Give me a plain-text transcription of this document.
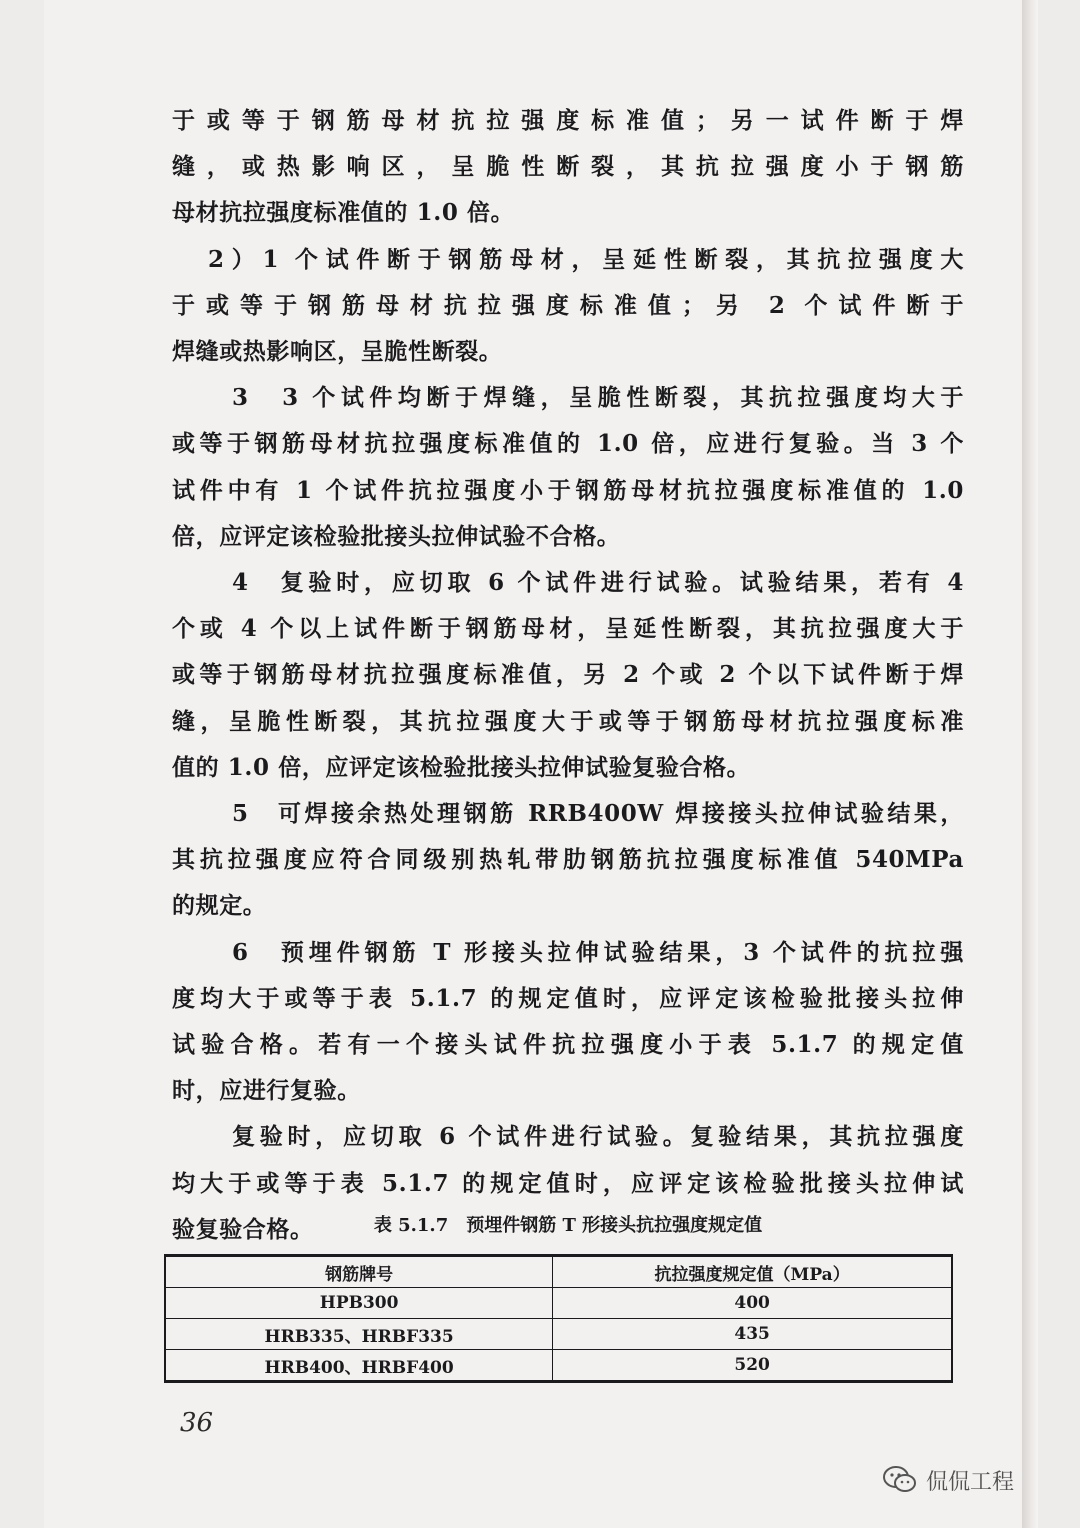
表 5.1.7　预埋件钢筋 T 形接头抗拉强度规定值
钢筋牌号	抗拉强度规定值（MPa）
HPB300	400
HRB335、HRBF335	435
HRB400、HRBF400	520
36
侃侃工程
于或等于钢筋母材抗拉强度标准值；另一试件断于焊
缝，或热影响区，呈脆性断裂，其抗拉强度小于钢筋
母材抗拉强度标准值的 1.0 倍。
2）1 个试件断于钢筋母材，呈延性断裂，其抗拉强度大
于或等于钢筋母材抗拉强度标准值；另 2 个试件断于
焊缝或热影响区，呈脆性断裂。
3　3 个试件均断于焊缝，呈脆性断裂，其抗拉强度均大于
或等于钢筋母材抗拉强度标准值的 1.0 倍，应进行复验。当 3 个
试件中有 1 个试件抗拉强度小于钢筋母材抗拉强度标准值的 1.0
倍，应评定该检验批接头拉伸试验不合格。
4　复验时，应切取 6 个试件进行试验。试验结果，若有 4
个或 4 个以上试件断于钢筋母材，呈延性断裂，其抗拉强度大于
或等于钢筋母材抗拉强度标准值，另 2 个或 2 个以下试件断于焊
缝，呈脆性断裂，其抗拉强度大于或等于钢筋母材抗拉强度标准
值的 1.0 倍，应评定该检验批接头拉伸试验复验合格。
5　可焊接余热处理钢筋 RRB400W 焊接接头拉伸试验结果，
其抗拉强度应符合同级别热轧带肋钢筋抗拉强度标准值 540MPa
的规定。
6　预埋件钢筋 T 形接头拉伸试验结果，3 个试件的抗拉强
度均大于或等于表 5.1.7 的规定值时，应评定该检验批接头拉伸
试验合格。若有一个接头试件抗拉强度小于表 5.1.7 的规定值
时，应进行复验。
复验时，应切取 6 个试件进行试验。复验结果，其抗拉强度
均大于或等于表 5.1.7 的规定值时，应评定该检验批接头拉伸试
验复验合格。
